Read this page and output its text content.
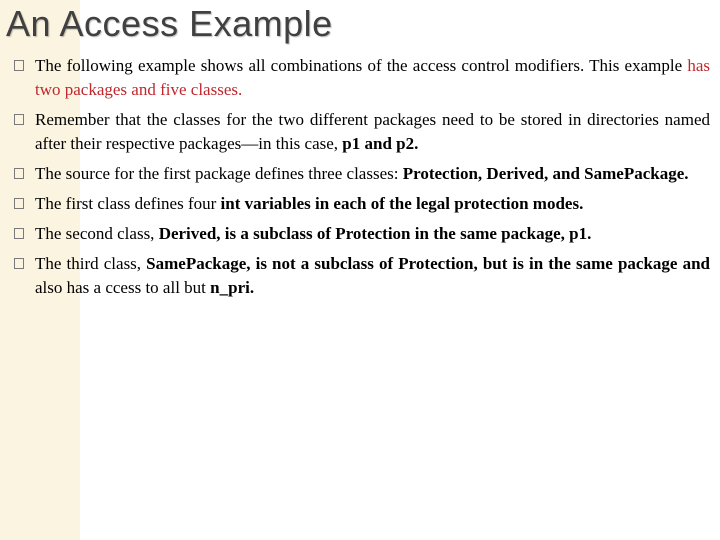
An Access Example
The following example shows all combinations of the access control modifiers. This example has two packages and five classes.
Remember that the classes for the two different packages need to be stored in directories named after their respective packages—in this case, p1 and p2.
The source for the first package defines three classes: Protection, Derived, and SamePackage.
The first class defines four int variables in each of the legal protection modes.
The second class, Derived, is a subclass of Protection in the same package, p1.
The third class, SamePackage, is not a subclass of Protection, but is in the same package and also has a ccess to all but n_pri.
